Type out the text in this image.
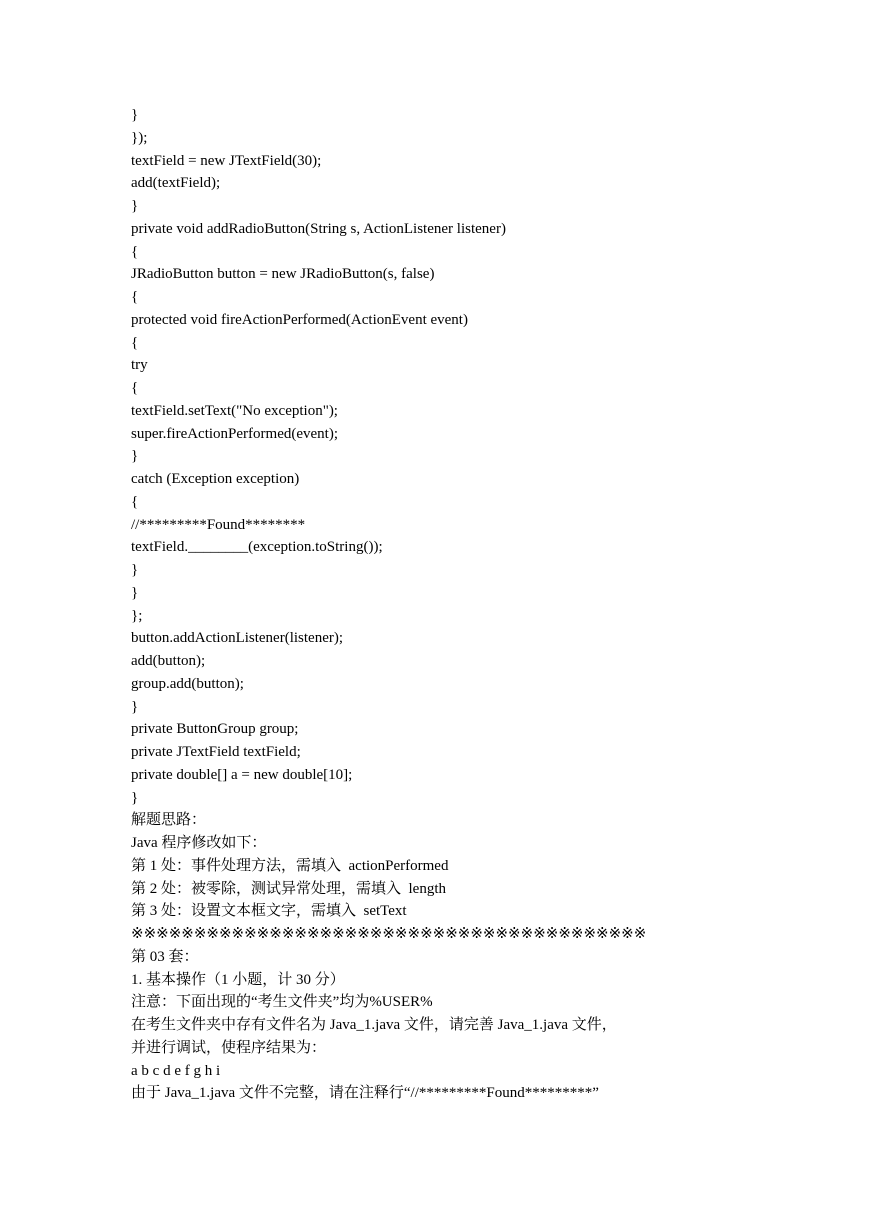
}
});
textField = new JTextField(30);
add(textField);
}
private void addRadioButton(String s, ActionListener listener)
{
JRadioButton button = new JRadioButton(s, false)
{
protected void fireActionPerformed(ActionEvent event)
{
try
{
textField.setText("No exception");
super.fireActionPerformed(event);
}
catch (Exception exception)
{
//*********Found********
textField.________(exception.toString());
}
}
};
button.addActionListener(listener);
add(button);
group.add(button);
}
private ButtonGroup group;
private JTextField textField;
private double[] a = new double[10];
}
解题思路：
Java 程序修改如下：
第 1 处：事件处理方法，需填入  actionPerformed
第 2 处：被零除，测试异常处理，需填入  length
第 3 处：设置文本框文字，需填入  setText
※※※※※※※※※※※※※※※※※※※※※※※※※※※※※※※※※※※※※※※※※
第 03 套：
1. 基本操作（1 小题，计 30 分）
注意：下面出现的“考生文件夹”均为%USER%
在考生文件夹中存有文件名为 Java_1.java 文件，请完善 Java_1.java 文件，
并进行调试，使程序结果为：
a b c d e f g h i
由于 Java_1.java 文件不完整，请在注释行“//*********Found*********”
